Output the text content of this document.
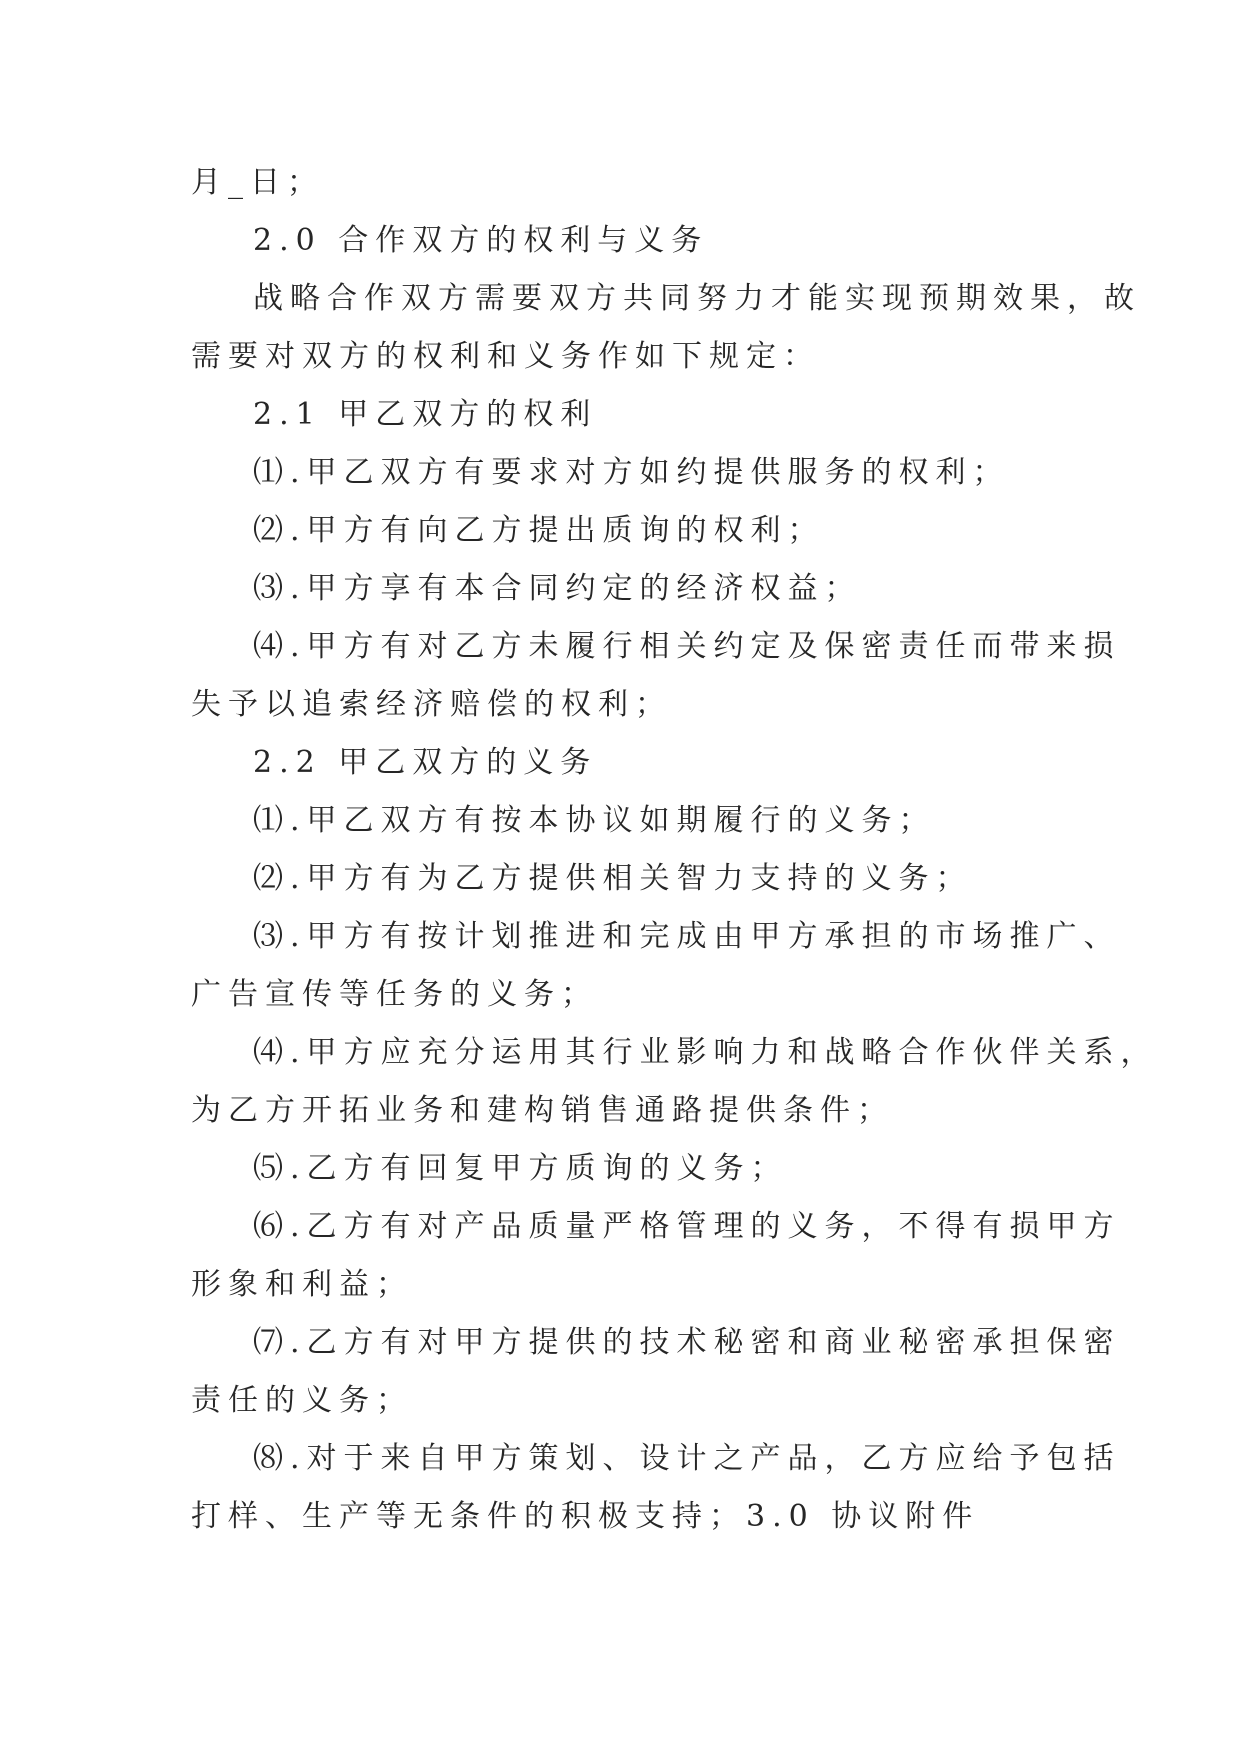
月_日；
2.0 合作双方的权利与义务
战略合作双方需要双方共同努力才能实现预期效果，故
需要对双方的权利和义务作如下规定：
2.1 甲乙双方的权利
⑴.甲乙双方有要求对方如约提供服务的权利；
⑵.甲方有向乙方提出质询的权利；
⑶.甲方享有本合同约定的经济权益；
⑷.甲方有对乙方未履行相关约定及保密责任而带来损
失予以追索经济赔偿的权利；
2.2 甲乙双方的义务
⑴.甲乙双方有按本协议如期履行的义务；
⑵.甲方有为乙方提供相关智力支持的义务；
⑶.甲方有按计划推进和完成由甲方承担的市场推广、
广告宣传等任务的义务；
⑷.甲方应充分运用其行业影响力和战略合作伙伴关系，
为乙方开拓业务和建构销售通路提供条件；
⑸.乙方有回复甲方质询的义务；
⑹.乙方有对产品质量严格管理的义务，不得有损甲方
形象和利益；
⑺.乙方有对甲方提供的技术秘密和商业秘密承担保密
责任的义务；
⑻.对于来自甲方策划、设计之产品，乙方应给予包括
打样、生产等无条件的积极支持；3.0 协议附件
